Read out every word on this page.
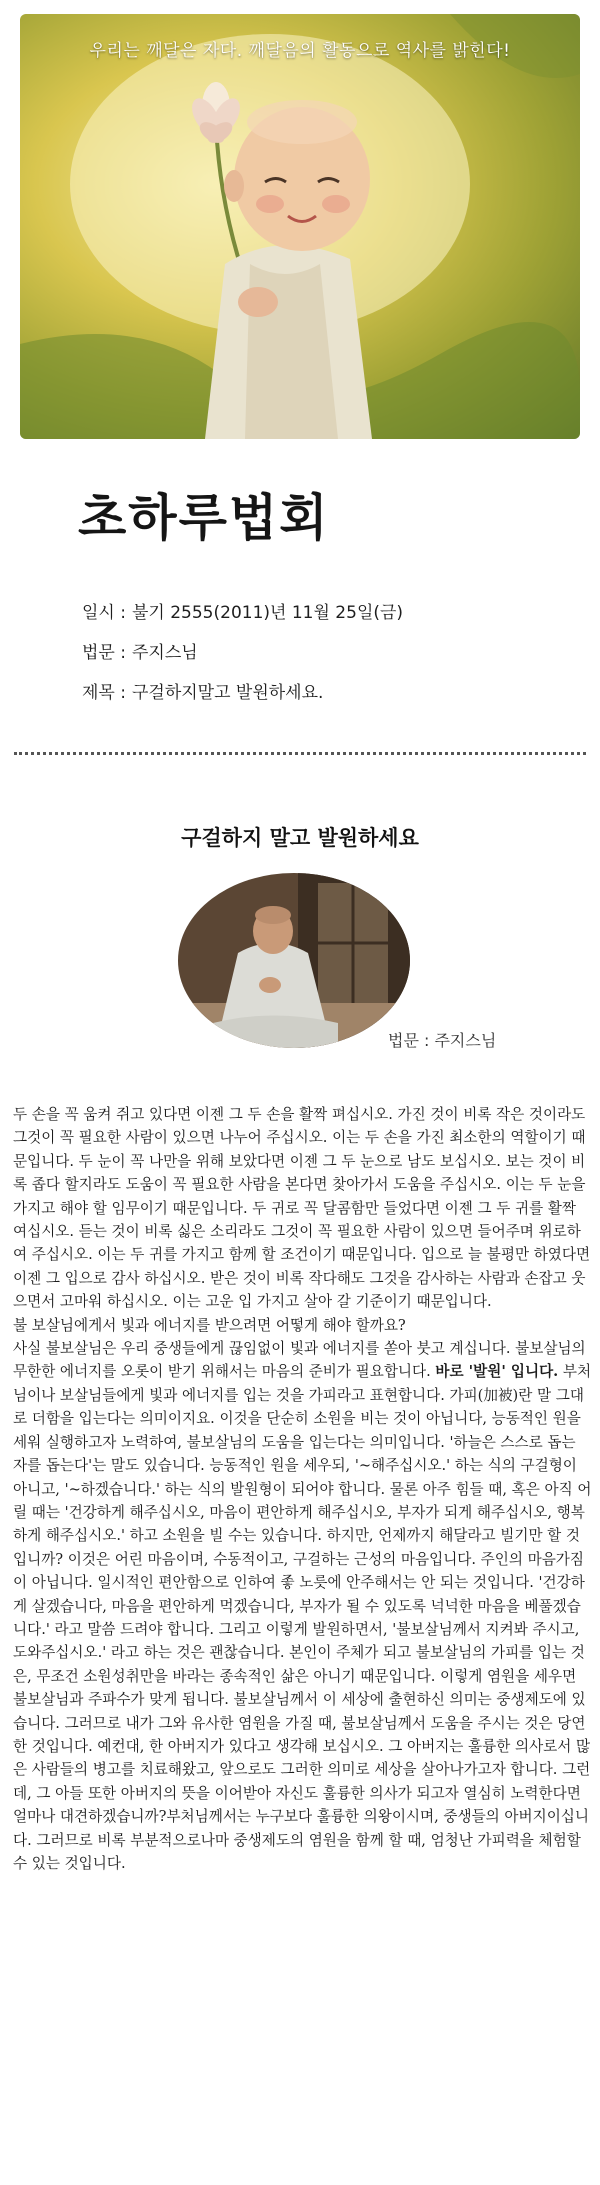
우리는 깨달은 자다. 깨달음의 활동으로 역사를 밝힌다!
초하루법회
일시 : 불기 2555(2011)년 11월 25일(금)
법문 : 주지스님
제목 : 구걸하지말고 발원하세요.
구걸하지 말고 발원하세요
법문 : 주지스님

두 손을 꼭 움켜 쥐고 있다면 이젠 그 두 손을 활짝 펴십시오. 가진 것이 비록 작은 것이라도 그것이 꼭 필요한 사람이 있으면 나누어 주십시오. 이는 두 손을 가진 최소한의 역할이기 때문입니다. 두 눈이 꼭 나만을 위해 보았다면 이젠 그 두 눈으로 남도 보십시오. 보는 것이 비록 좁다 할지라도 도움이 꼭 필요한 사람을 본다면 찾아가서 도움을 주십시오. 이는 두 눈을 가지고 해야 할 임무이기 때문입니다. 두 귀로 꼭 달콤함만 들었다면 이젠 그 두 귀를 활짝 여십시오. 듣는 것이 비록 싫은 소리라도 그것이 꼭 필요한 사람이 있으면 들어주며 위로하여 주십시오. 이는 두 귀를 가지고 함께 할 조건이기 때문입니다. 입으로 늘 불평만 하였다면 이젠 그 입으로 감사 하십시오. 받은 것이 비록 작다해도 그것을 감사하는 사람과 손잡고 웃으면서 고마워 하십시오. 이는 고운 입 가지고 살아 갈 기준이기 때문입니다.

불 보살님에게서 빛과 에너지를 받으려면 어떻게 해야 할까요?

사실 불보살님은 우리 중생들에게 끊임없이 빛과 에너지를 쏟아 붓고 계십니다. 불보살님의 무한한 에너지를 오롯이 받기 위해서는 마음의 준비가 필요합니다. 바로 '발원' 입니다. 부처님이나 보살님들에게 빛과 에너지를 입는 것을 가피라고 표현합니다. 가피(加被)란 말 그대로 더함을 입는다는 의미이지요. 이것을 단순히 소원을 비는 것이 아닙니다, 능동적인 원을 세워 실행하고자 노력하여, 불보살님의 도움을 입는다는 의미입니다. '하늘은 스스로 돕는 자를 돕는다'는 말도 있습니다. 능동적인 원을 세우되, '~해주십시오.' 하는 식의 구걸형이 아니고, '~하겠습니다.' 하는 식의 발원형이 되어야 합니다. 물론 아주 힘들 때, 혹은 아직 어릴 때는 '건강하게 해주십시오, 마음이 편안하게 해주십시오, 부자가 되게 해주십시오, 행복하게 해주십시오.' 하고 소원을 빌 수는 있습니다. 하지만, 언제까지 해달라고 빌기만 할 것입니까? 이것은 어린 마음이며, 수동적이고, 구걸하는 근성의 마음입니다. 주인의 마음가짐이 아닙니다. 일시적인 편안함으로 인하여 좋 노릇에 안주해서는 안 되는 것입니다. '건강하게 살겠습니다, 마음을 편안하게 먹겠습니다, 부자가 될 수 있도록 넉넉한 마음을 베풀겠습니다.' 라고 말씀 드려야 합니다. 그리고 이렇게 발원하면서, '불보살님께서 지켜봐 주시고, 도와주십시오.' 라고 하는 것은 괜찮습니다. 본인이 주체가 되고 불보살님의 가피를 입는 것은, 무조건 소원성취만을 바라는 종속적인 삶은 아니기 때문입니다. 이렇게 염원을 세우면 불보살님과 주파수가 맞게 됩니다. 불보살님께서 이 세상에 출현하신 의미는 중생제도에 있습니다. 그러므로 내가 그와 유사한 염원을 가질 때, 불보살님께서 도움을 주시는 것은 당연한 것입니다. 예컨대, 한 아버지가 있다고 생각해 보십시오. 그 아버지는 훌륭한 의사로서 많은 사람들의 병고를 치료해왔고, 앞으로도 그러한 의미로 세상을 살아나가고자 합니다. 그런데, 그 아들 또한 아버지의 뜻을 이어받아 자신도 훌륭한 의사가 되고자 열심히 노력한다면 얼마나 대견하겠습니까?부처님께서는 누구보다 훌륭한 의왕이시며, 중생들의 아버지이십니다. 그러므로 비록 부분적으로나마 중생제도의 염원을 함께 할 때, 엄청난 가피력을 체험할 수 있는 것입니다.
